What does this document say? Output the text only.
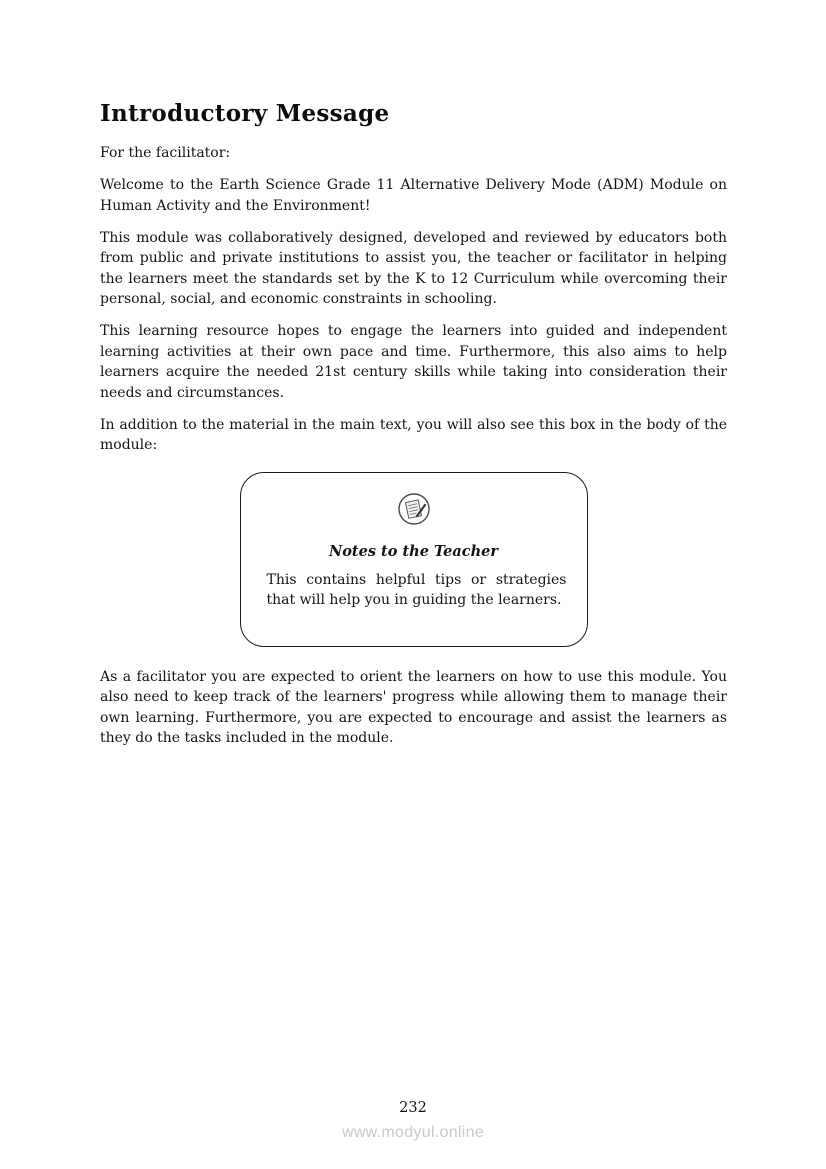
Introductory Message

For the facilitator:

Welcome to the Earth Science Grade 11 Alternative Delivery Mode (ADM) Module on Human Activity and the Environment!

This module was collaboratively designed, developed and reviewed by educators both from public and private institutions to assist you, the teacher or facilitator in helping the learners meet the standards set by the K to 12 Curriculum while overcoming their personal, social, and economic constraints in schooling.

This learning resource hopes to engage the learners into guided and independent learning activities at their own pace and time. Furthermore, this also aims to help learners acquire the needed 21st century skills while taking into consideration their needs and circumstances.

In addition to the material in the main text, you will also see this box in the body of the module:

Notes to the Teacher

This contains helpful tips or strategies that will help you in guiding the learners.

As a facilitator you are expected to orient the learners on how to use this module. You also need to keep track of the learners' progress while allowing them to manage their own learning. Furthermore, you are expected to encourage and assist the learners as they do the tasks included in the module.

232
www.modyul.online
